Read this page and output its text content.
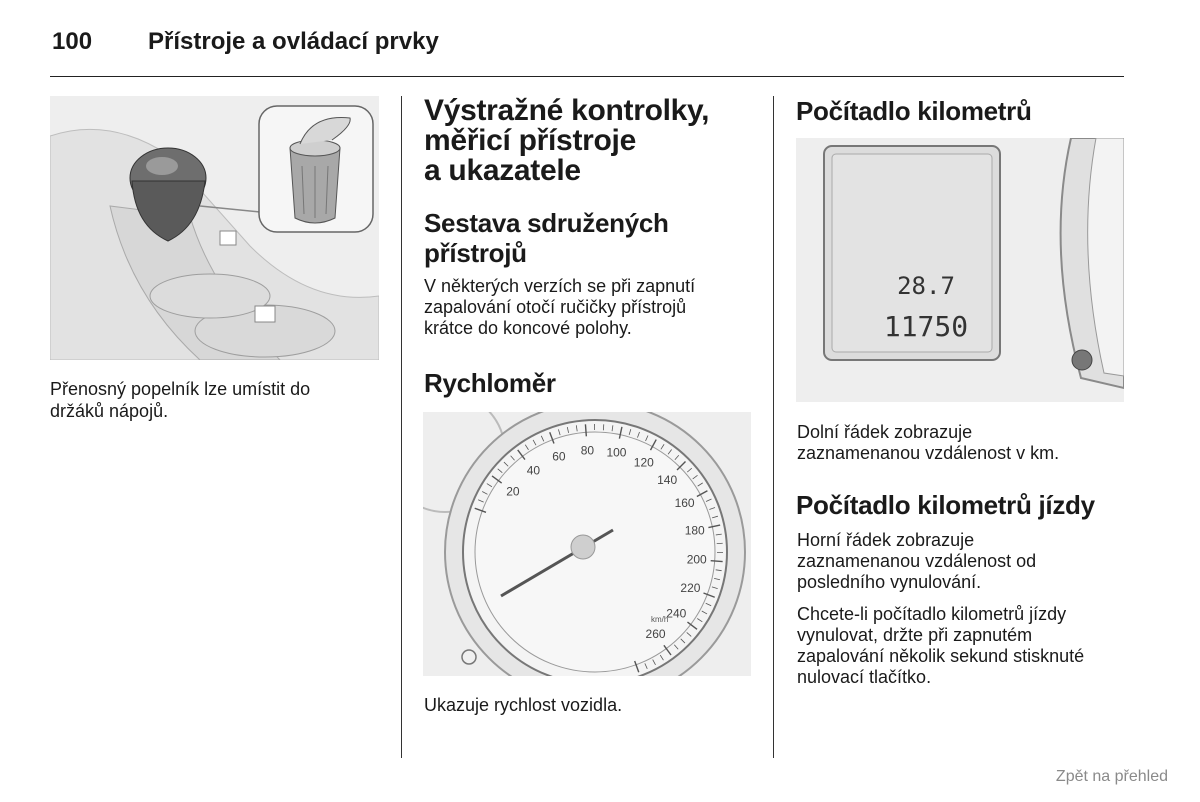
100 Přístroje a ovládací prvky
Přenosný popelník lze umístit do
držáků nápojů.
Výstražné kontrolky,
měřicí přístroje
a ukazatele
Sestava sdružených
přístrojů
V některých verzích se při zapnutí
zapalování otočí ručičky přístrojů
krátce do koncové polohy.
Rychloměr
20
40
60 80 100
120
140
160
180
200
220
240
260
km/h
Ukazuje rychlost vozidla.
Počítadlo kilometrů
28.7
11750
Dolní řádek zobrazuje
zaznamenanou vzdálenost v km.
Počítadlo kilometrů jízdy
Horní řádek zobrazuje
zaznamenanou vzdálenost od
posledního vynulování.
Chcete-li počítadlo kilometrů jízdy
vynulovat, držte při zapnutém
zapalování několik sekund stisknuté
nulovací tlačítko.
Zpět na přehled
